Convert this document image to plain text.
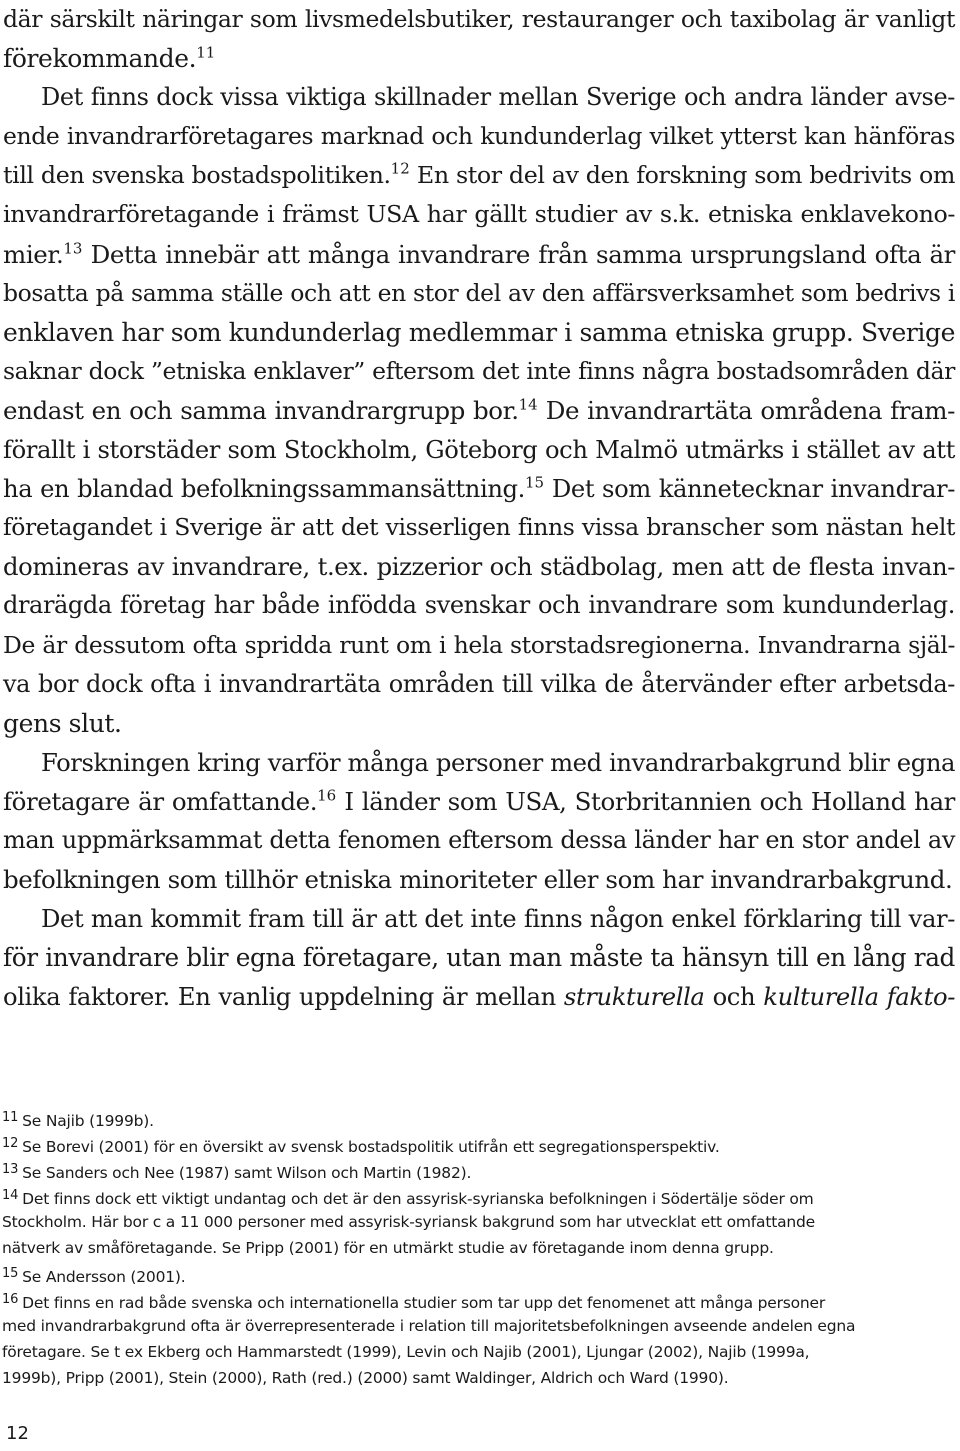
där särskilt näringar som livsmedelsbutiker, restauranger och taxibolag är vanligt
förekommande.$^{11}$
Det finns dock vissa viktiga skillnader mellan Sverige och andra länder avse-
ende invandrarföretagares marknad och kundunderlag vilket ytterst kan hänföras
till den svenska bostadspolitiken.$^{12}$ En stor del av den forskning som bedrivits om
invandrarföretagande i främst USA har gällt studier av s.k. etniska enklavekono-
mier.$^{13}$ Detta innebär att många invandrare från samma ursprungsland ofta är
bosatta på samma ställe och att en stor del av den affärsverksamhet som bedrivs i
enklaven har som kundunderlag medlemmar i samma etniska grupp. Sverige
saknar dock ”etniska enklaver” eftersom det inte finns några bostadsområden där
endast en och samma invandrargrupp bor.$^{14}$ De invandrartäta områdena fram-
förallt i storstäder som Stockholm, Göteborg och Malmö utmärks i stället av att
ha en blandad befolkningssammansättning.$^{15}$ Det som kännetecknar invandrar-
företagandet i Sverige är att det visserligen finns vissa branscher som nästan helt
domineras av invandrare, t.ex. pizzerior och städbolag, men att de flesta invan-
drarägda företag har både infödda svenskar och invandrare som kundunderlag.
De är dessutom ofta spridda runt om i hela storstadsregionerna. Invandrarna själ-
va bor dock ofta i invandrartäta områden till vilka de återvänder efter arbetsda-
gens slut.
Forskningen kring varför många personer med invandrarbakgrund blir egna
företagare är omfattande.$^{16}$ I länder som USA, Storbritannien och Holland har
man uppmärksammat detta fenomen eftersom dessa länder har en stor andel av
befolkningen som tillhör etniska minoriteter eller som har invandrarbakgrund.
Det man kommit fram till är att det inte finns någon enkel förklaring till var-
för invandrare blir egna företagare, utan man måste ta hänsyn till en lång rad
olika faktorer. En vanlig uppdelning är mellan strukturella och kulturella fakto-
$^{11}$ Se Najib (1999b).
$^{12}$ Se Borevi (2001) för en översikt av svensk bostadspolitik utifrån ett segregationsperspektiv.
$^{13}$ Se Sanders och Nee (1987) samt Wilson och Martin (1982).
$^{14}$ Det finns dock ett viktigt undantag och det är den assyrisk-syrianska befolkningen i Södertälje söder om
Stockholm. Här bor c a 11 000 personer med assyrisk-syriansk bakgrund som har utvecklat ett omfattande
nätverk av småföretagande. Se Pripp (2001) för en utmärkt studie av företagande inom denna grupp.
$^{15}$ Se Andersson (2001).
$^{16}$ Det finns en rad både svenska och internationella studier som tar upp det fenomenet att många personer
med invandrarbakgrund ofta är överrepresenterade i relation till majoritetsbefolkningen avseende andelen egna
företagare. Se t ex Ekberg och Hammarstedt (1999), Levin och Najib (2001), Ljungar (2002), Najib (1999a,
1999b), Pripp (2001), Stein (2000), Rath (red.) (2000) samt Waldinger, Aldrich och Ward (1990).
12
